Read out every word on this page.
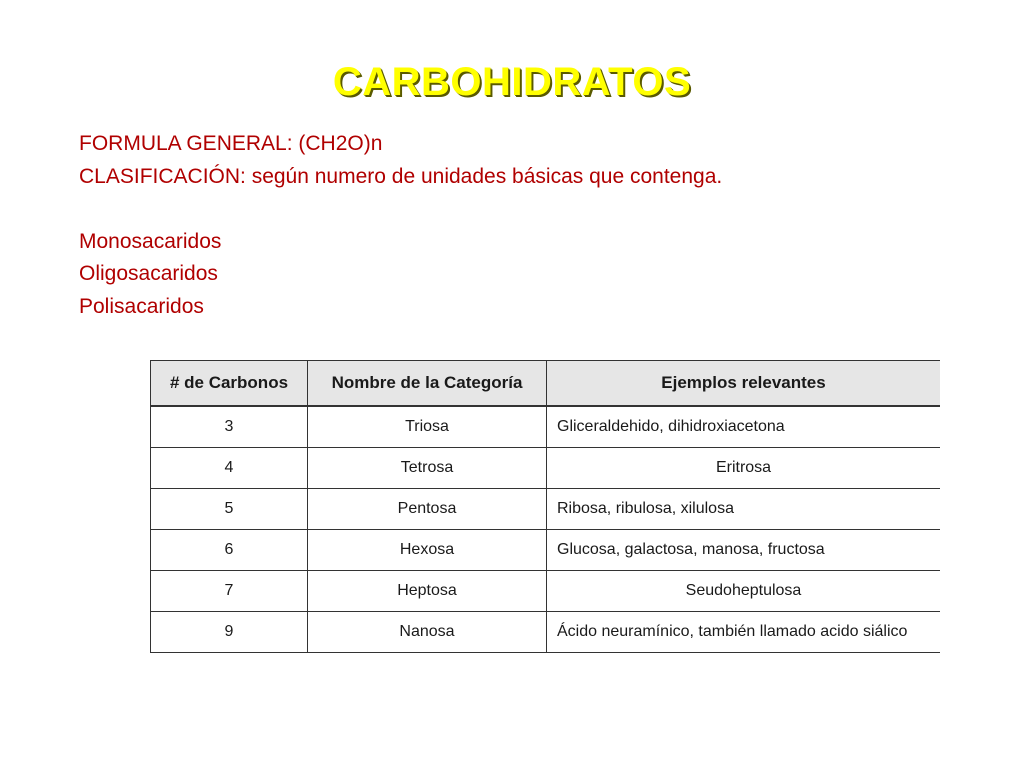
CARBOHIDRATOS
FORMULA GENERAL: (CH2O)n
CLASIFICACIÓN: según numero de unidades básicas que contenga.
Monosacaridos
Oligosacaridos
Polisacaridos
# de Carbonos	Nombre de la Categoría	Ejemplos relevantes
3	Triosa	Gliceraldehido, dihidroxiacetona
4	Tetrosa	Eritrosa
5	Pentosa	Ribosa, ribulosa, xilulosa
6	Hexosa	Glucosa, galactosa, manosa, fructosa
7	Heptosa	Seudoheptulosa
9	Nanosa	Ácido neuramínico, también llamado acido siálico
